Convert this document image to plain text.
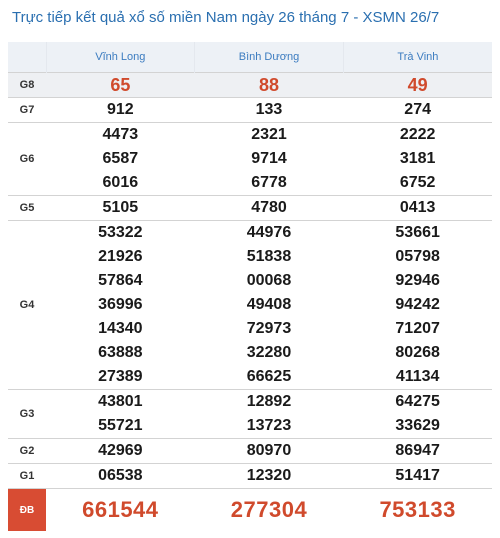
Trực tiếp kết quả xổ số miền Nam ngày 26 tháng 7 - XSMN 26/7
	Vĩnh Long	Bình Dương	Trà Vinh
G8	65	88	49
G7	912	133	274
G6	4473	2321	2222
	6587	9714	3181
	6016	6778	6752
G5	5105	4780	0413
G4	53322	44976	53661
	21926	51838	05798
	57864	00068	92946
	36996	49408	94242
	14340	72973	71207
	63888	32280	80268
	27389	66625	41134
G3	43801	12892	64275
	55721	13723	33629
G2	42969	80970	86947
G1	06538	12320	51417
ĐB	661544	277304	753133
